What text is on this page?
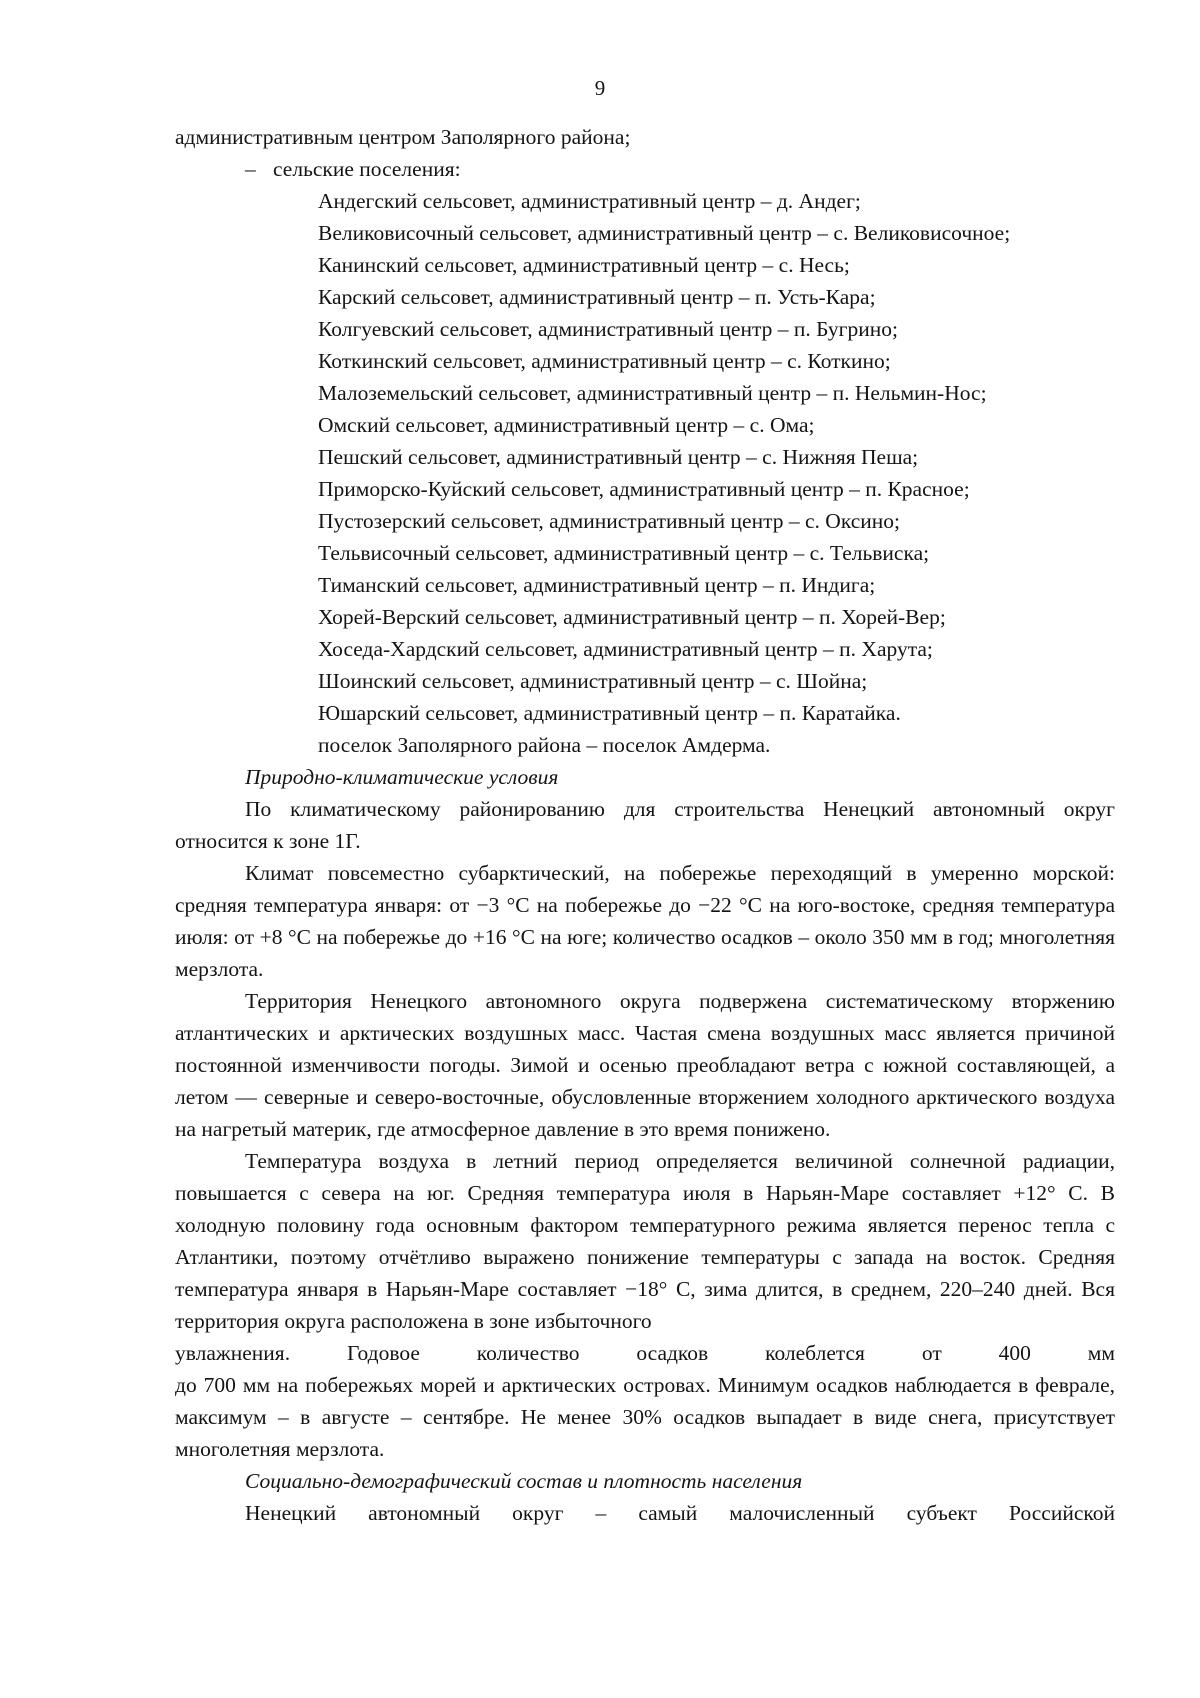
9
административным центром Заполярного района;
– сельские поселения:
Андегский сельсовет, административный центр – д. Андег;
Великовисочный сельсовет, административный центр – с. Великовисочное;
Канинский сельсовет, административный центр – с. Несь;
Карский сельсовет, административный центр – п. Усть-Кара;
Колгуевский сельсовет, административный центр – п. Бугрино;
Коткинский сельсовет, административный центр – с. Коткино;
Малоземельский сельсовет, административный центр – п. Нельмин-Нос;
Омский сельсовет, административный центр – с. Ома;
Пешский сельсовет, административный центр – с. Нижняя Пеша;
Приморско-Куйский сельсовет, административный центр – п. Красное;
Пустозерский сельсовет, административный центр – с. Оксино;
Тельвисочный сельсовет, административный центр – с. Тельвиска;
Тиманский сельсовет, административный центр – п. Индига;
Хорей-Верский сельсовет, административный центр – п. Хорей-Вер;
Хоседа-Хардский сельсовет, административный центр – п. Харута;
Шоинский сельсовет, административный центр – с. Шойна;
Юшарский сельсовет, административный центр – п. Каратайка.
поселок Заполярного района – поселок Амдерма.
Природно-климатические условия

По климатическому районированию для строительства Ненецкий автономный округ относится к зоне 1Г.

Климат повсеместно субарктический, на побережье переходящий в умеренно морской: средняя температура января: от −3 °С на побережье до −22 °С на юго-востоке, средняя температура июля: от +8 °С на побережье до +16 °С на юге; количество осадков – около 350 мм в год; многолетняя мерзлота.

Территория Ненецкого автономного округа подвержена систематическому вторжению атлантических и арктических воздушных масс. Частая смена воздушных масс является причиной постоянной изменчивости погоды. Зимой и осенью преобладают ветра с южной составляющей, а летом — северные и северо-восточные, обусловленные вторжением холодного арктического воздуха на нагретый материк, где атмосферное давление в это время понижено.

Температура воздуха в летний период определяется величиной солнечной радиации, повышается с севера на юг. Средняя температура июля в Нарьян-Маре составляет +12° С. В холодную половину года основным фактором температурного режима является перенос тепла с Атлантики, поэтому отчётливо выражено понижение температуры с запада на восток. Средняя температура января в Нарьян-Маре составляет −18° С, зима длится, в среднем, 220–240 дней. Вся территория округа расположена в зоне избыточного

увлажнения. Годовое количество осадков колеблется от 400 мм

до 700 мм на побережьях морей и арктических островах. Минимум осадков наблюдается в феврале, максимум – в августе – сентябре. Не менее 30% осадков выпадает в виде снега, присутствует многолетняя мерзлота.

Социально-демографический состав и плотность населения

Ненецкий автономный округ – самый малочисленный субъект Российской
